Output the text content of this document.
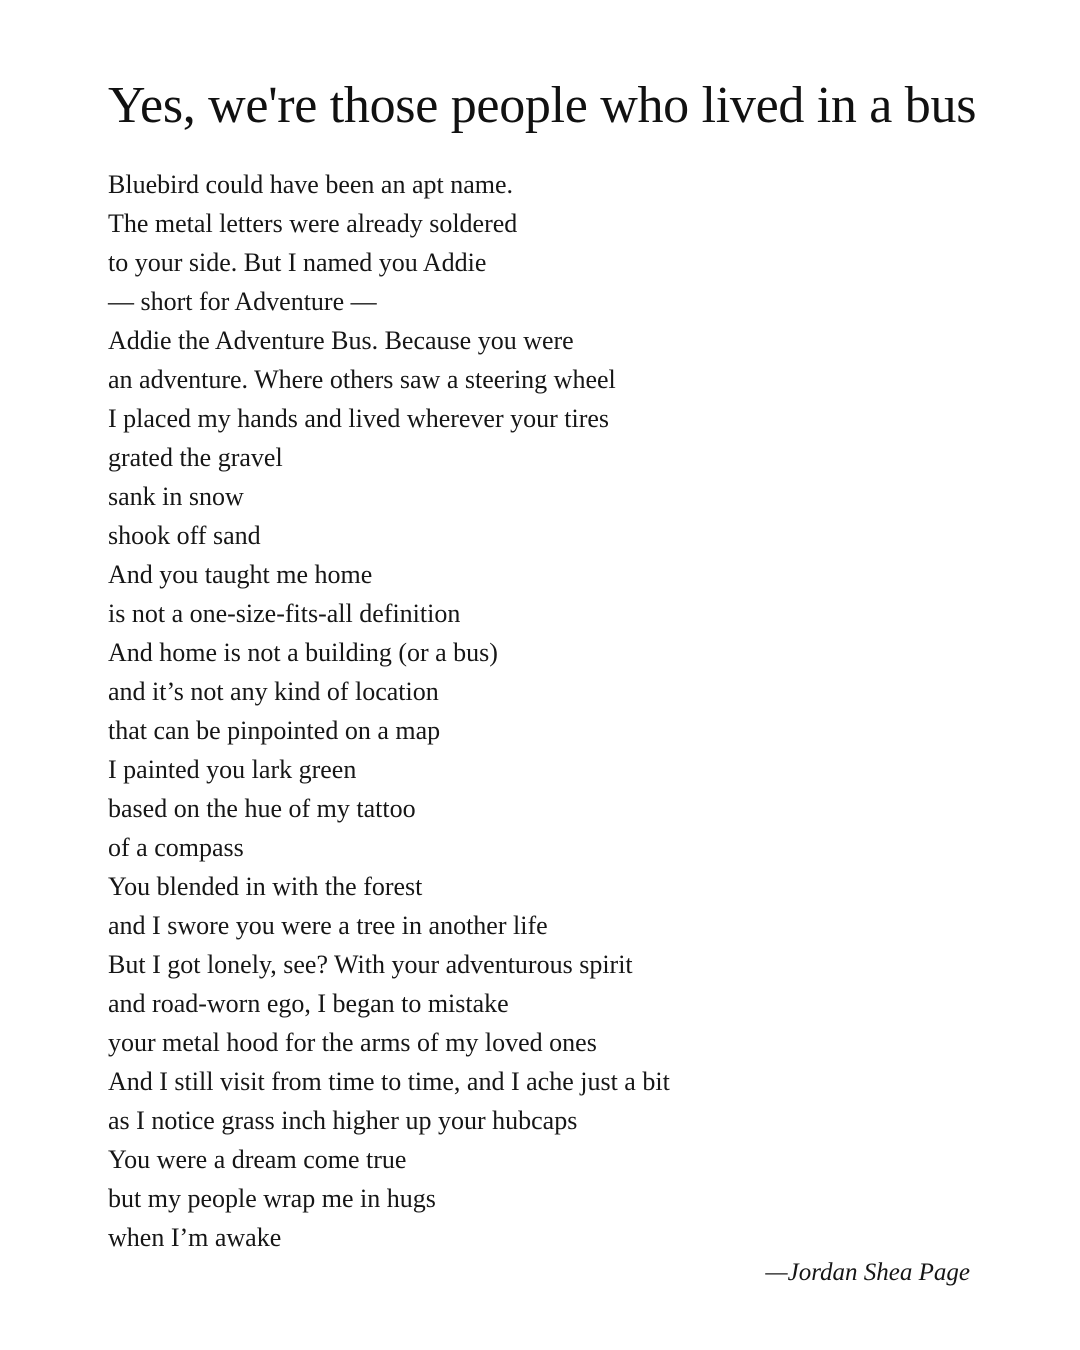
Yes, we're those people who lived in a bus
Bluebird could have been an apt name.
The metal letters were already soldered
to your side. But I named you Addie
— short for Adventure —
Addie the Adventure Bus. Because you were
an adventure. Where others saw a steering wheel
I placed my hands and lived wherever your tires
grated the gravel
sank in snow
shook off sand
And you taught me home
is not a one-size-fits-all definition
And home is not a building (or a bus)
and it’s not any kind of location
that can be pinpointed on a map
I painted you lark green
based on the hue of my tattoo
of a compass
You blended in with the forest
and I swore you were a tree in another life
But I got lonely, see? With your adventurous spirit
and road-worn ego, I began to mistake
your metal hood for the arms of my loved ones
And I still visit from time to time, and I ache just a bit
as I notice grass inch higher up your hubcaps
You were a dream come true
but my people wrap me in hugs
when I’m awake
—Jordan Shea Page
